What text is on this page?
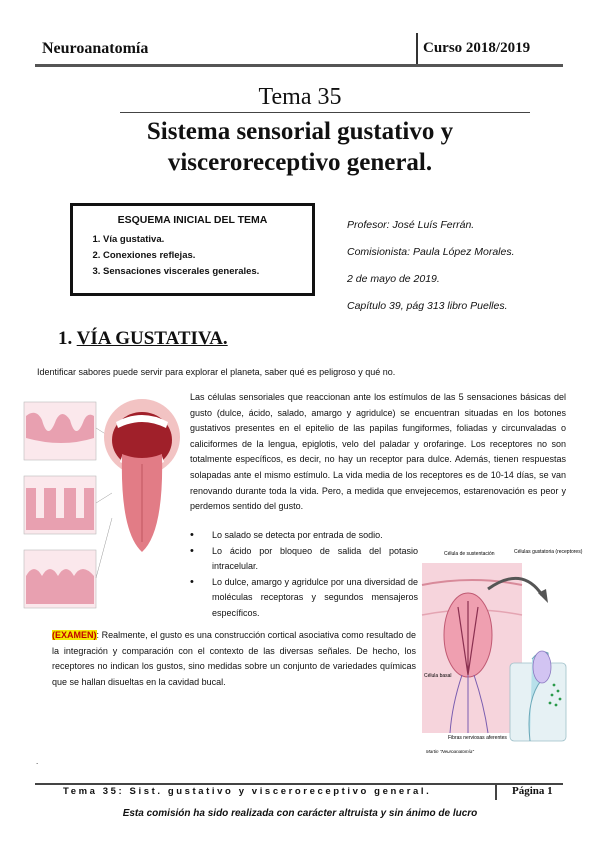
Neuroanatomía	Curso 2018/2019
Tema 35
Sistema sensorial gustativo y
visceroreceptivo general.
ESQUEMA INICIAL DEL TEMA
1. Vía gustativa.
2. Conexiones reflejas.
3. Sensaciones viscerales generales.
Profesor: José Luís Ferrán.
Comisionista: Paula López Morales.
2 de mayo de 2019.
Capítulo 39, pág 313 libro Puelles.
1. VÍA GUSTATIVA.
Identificar sabores puede servir para explorar el planeta, saber qué es peligroso y qué no.
Las células sensoriales que reaccionan ante los estímulos de las 5 sensaciones básicas del gusto (dulce, ácido, salado, amargo y agridulce) se encuentran situadas en los botones gustativos presentes en el epitelio de las papilas fungiformes, foliadas y circunvaladas o caliciformes de la lengua, epiglotis, velo del paladar y orofaringe. Los receptores no son totalmente específicos, es decir, no hay un receptor para dulce. Además, tienen respuestas solapadas ante el mismo estímulo. La vida media de los receptores es de 10-14 días, se van renovando durante toda la vida. Pero, a medida que envejecemos, estarenovación es peor y perdemos sentido del gusto.
• Lo salado se detecta por entrada de sodio.
• Lo ácido por bloqueo de salida del potasio intracelular.
• Lo dulce, amargo y agridulce por una diversidad de moléculas receptoras y segundos mensajeros específicos.
(EXAMEN): Realmente, el gusto es una construcción cortical asociativa como resultado de la integración y comparación con el contexto de las diversas señales. De hecho, los receptores no indican los gustos, sino medidas sobre un conjunto de variedades químicas que se hallan disueltas en la cavidad bucal.
Célula de sustentación	Células gustatoria (receptores)
Célula basal
Fibras nerviosas aferentes
Martin "Neuroanatomía"
.
Tema 35: Sist. gustativo y visceroreceptivo general.	Página 1
Esta comisión ha sido realizada con carácter altruista y sin ánimo de lucro
